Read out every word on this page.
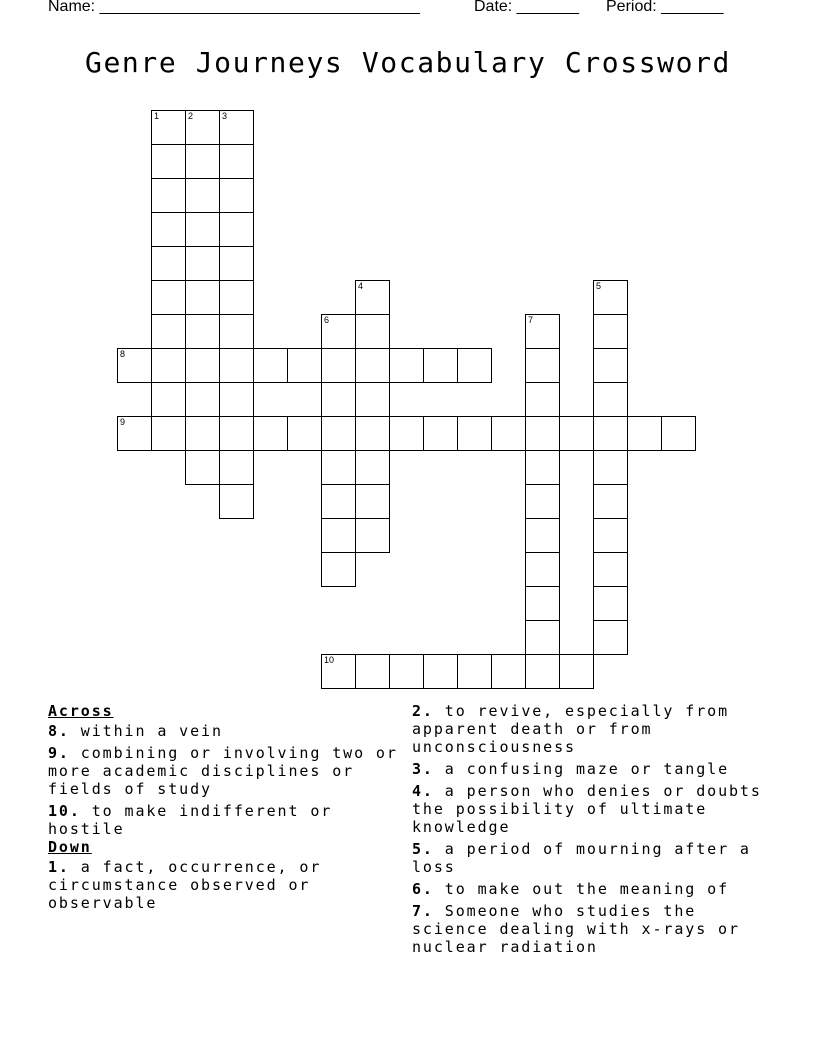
Name: ____________________________________	Date: _______ Period: _______
Genre Journeys Vocabulary Crossword
1	2	3
4	5
6	7
8
9
10
Across
8. within a vein
9. combining or involving two or more academic disciplines or fields of study
10. to make indifferent or hostile
Down
1. a fact, occurrence, or circumstance observed or observable
2. to revive, especially from apparent death or from unconsciousness
3. a confusing maze or tangle
4. a person who denies or doubts the possibility of ultimate knowledge
5. a period of mourning after a loss
6. to make out the meaning of
7. Someone who studies the science dealing with x-rays or nuclear radiation
